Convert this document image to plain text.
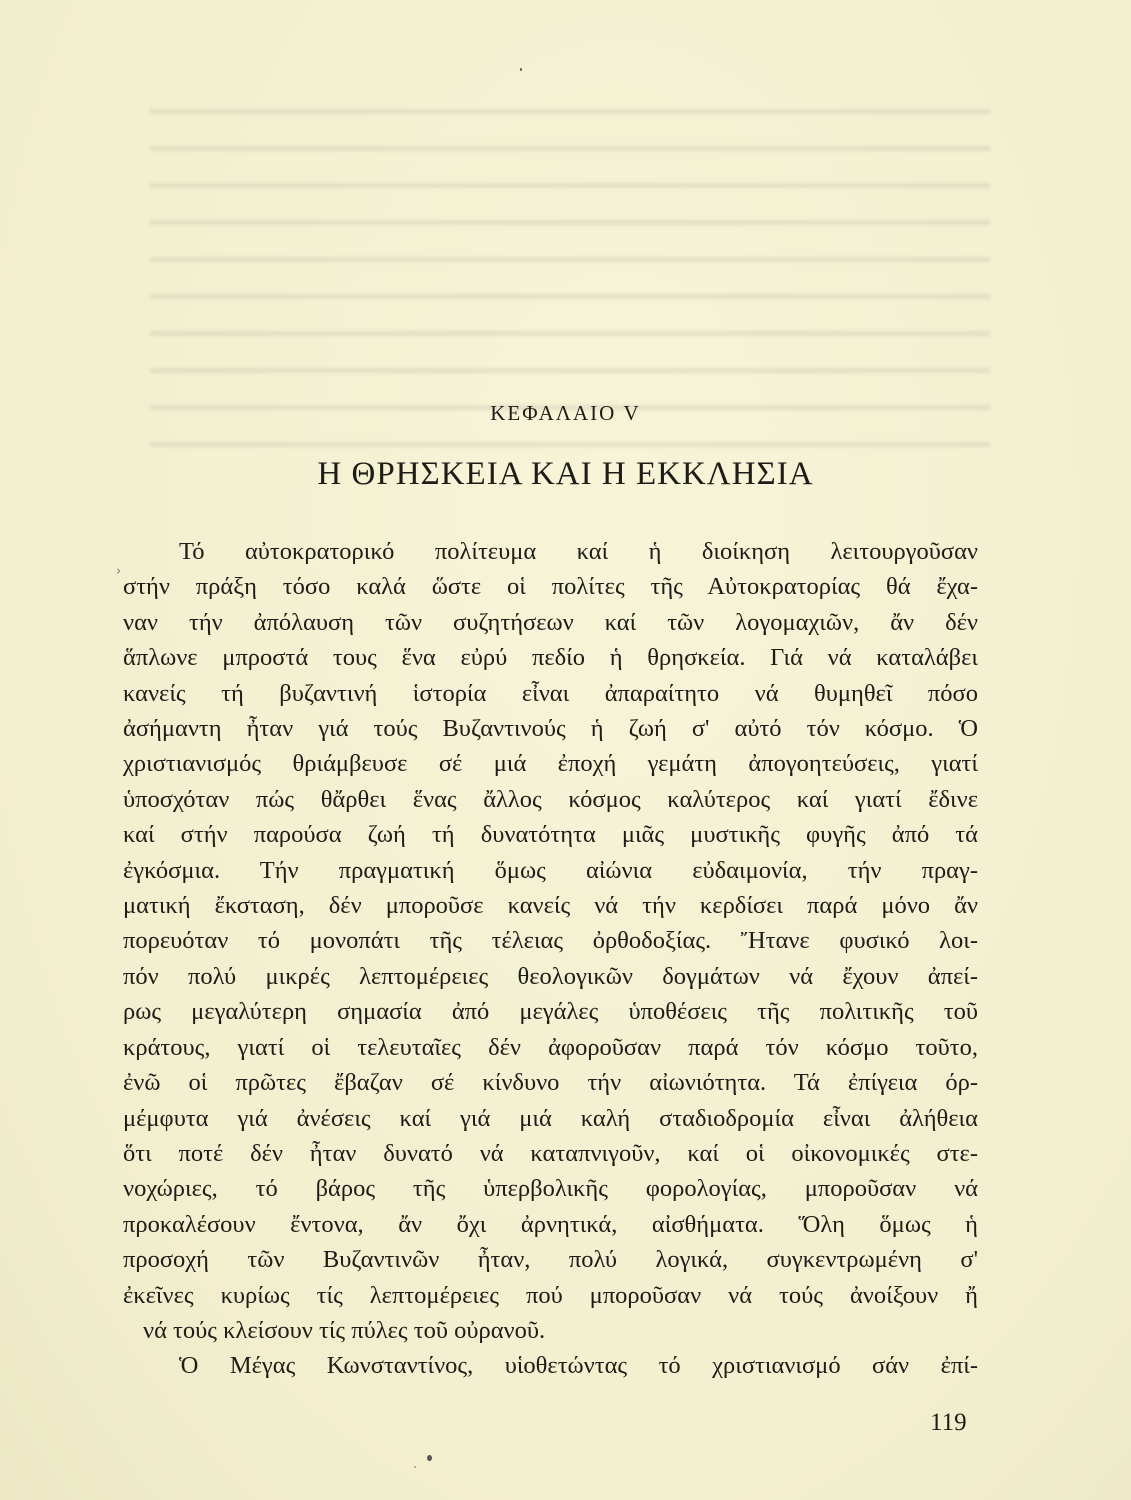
ΚΕΦΑΛΑΙΟ V
Η ΘΡΗΣΚΕΙΑ ΚΑΙ Η ΕΚΚΛΗΣΙΑ
›

Τό αὐτοκρατορικό πολίτευμα καί ἡ διοίκηση λειτουργοῦσαν

στήν πράξη τόσο καλά ὥστε οἱ πολίτες τῆς Αὐτοκρατορίας θά ἔχα-

ναν τήν ἀπόλαυση τῶν συζητήσεων καί τῶν λογομαχιῶν, ἄν δέν

ἅπλωνε μπροστά τους ἕνα εὐρύ πεδίο ἡ θρησκεία. Γιά νά καταλάβει

κανείς τή βυζαντινή ἱστορία εἶναι ἀπαραίτητο νά θυμηθεῖ πόσο

ἀσήμαντη ἦταν γιά τούς Βυζαντινούς ἡ ζωή σ' αὐτό τόν κόσμο. Ὁ

χριστιανισμός θριάμβευσε σέ μιά ἐποχή γεμάτη ἀπογοητεύσεις, γιατί

ὑποσχόταν πώς θἄρθει ἕνας ἄλλος κόσμος καλύτερος καί γιατί ἔδινε

καί στήν παρούσα ζωή τή δυνατότητα μιᾶς μυστικῆς φυγῆς ἀπό τά

ἐγκόσμια. Τήν πραγματική ὅμως αἰώνια εὐδαιμονία, τήν πραγ-

ματική ἔκσταση, δέν μποροῦσε κανείς νά τήν κερδίσει παρά μόνο ἄν

πορευόταν τό μονοπάτι τῆς τέλειας ὀρθοδοξίας. Ἤτανε φυσικό λοι-

πόν πολύ μικρές λεπτομέρειες θεολογικῶν δογμάτων νά ἔχουν ἀπεί-

ρως μεγαλύτερη σημασία ἀπό μεγάλες ὑποθέσεις τῆς πολιτικῆς τοῦ

κράτους, γιατί οἱ τελευταῖες δέν ἀφοροῦσαν παρά τόν κόσμο τοῦτο,

ἐνῶ οἱ πρῶτες ἔβαζαν σέ κίνδυνο τήν αἰωνιότητα. Τά ἐπίγεια όρ-

μέμφυτα γιά ἀνέσεις καί γιά μιά καλή σταδιοδρομία εἶναι ἀλήθεια

ὅτι ποτέ δέν ἦταν δυνατό νά καταπνιγοῦν, καί οἱ οἰκονομικές στε-

νοχώριες, τό βάρος τῆς ὑπερβολικῆς φορολογίας, μποροῦσαν νά

προκαλέσουν ἔντονα, ἄν ὄχι ἀρνητικά, αἰσθήματα. Ὅλη ὅμως ἡ

προσοχή τῶν Βυζαντινῶν ἦταν, πολύ λογικά, συγκεντρωμένη σ'

ἐκεῖνες κυρίως τίς λεπτομέρειες πού μποροῦσαν νά τούς ἀνοίξουν ἤ

νά τούς κλείσουν τίς πύλες τοῦ οὐρανοῦ.

Ὁ Μέγας Κωνσταντίνος, υἱοθετώντας τό χριστιανισμό σάν ἐπί-

119
